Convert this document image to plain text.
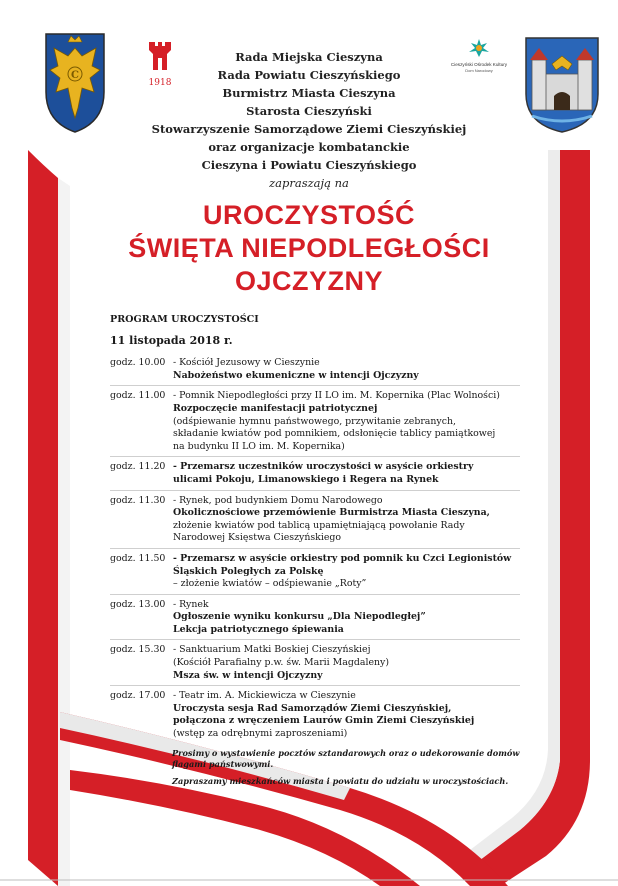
C
1918
Cieszyński Ośrodek Kultury
Dom Narodowy
Rada Miejska Cieszyna
Rada Powiatu Cieszyńskiego
Burmistrz Miasta Cieszyna
Starosta Cieszyński
Stowarzyszenie Samorządowe Ziemi Cieszyńskiej
oraz organizacje kombatanckie
Cieszyna i Powiatu Cieszyńskiego
zapraszają na
UROCZYSTOŚĆ
ŚWIĘTA NIEPODLEGŁOŚCI
OJCZYZNY
PROGRAM UROCZYSTOŚCI
11 listopada 2018 r.
godz. 10.00 - Kościół Jezusowy w Cieszynie
Nabożeństwo ekumeniczne w intencji Ojczyzny
godz. 11.00 - Pomnik Niepodległości przy II LO im. M. Kopernika (Plac Wolności)
Rozpoczęcie manifestacji patriotycznej
(odśpiewanie hymnu państwowego, przywitanie zebranych,
składanie kwiatów pod pomnikiem, odsłonięcie tablicy pamiątkowej
na budynku II LO im. M. Kopernika)
godz. 11.20 - Przemarsz uczestników uroczystości w asyście orkiestry
ulicami Pokoju, Limanowskiego i Regera na Rynek
godz. 11.30 - Rynek, pod budynkiem Domu Narodowego
Okolicznościowe przemówienie Burmistrza Miasta Cieszyna,
złożenie kwiatów pod tablicą upamiętniającą powołanie Rady
Narodowej Księstwa Cieszyńskiego
godz. 11.50 - Przemarsz w asyście orkiestry pod pomnik ku Czci Legionistów
Śląskich Poległych za Polskę
– złożenie kwiatów – odśpiewanie „Roty”
godz. 13.00 - Rynek
Ogłoszenie wyniku konkursu „Dla Niepodległej”
Lekcja patriotycznego śpiewania
godz. 15.30 - Sanktuarium Matki Boskiej Cieszyńskiej
(Kościół Parafialny p.w. św. Marii Magdaleny)
Msza św. w intencji Ojczyzny
godz. 17.00 - Teatr im. A. Mickiewicza w Cieszynie
Uroczysta sesja Rad Samorządów Ziemi Cieszyńskiej,
połączona z wręczeniem Laurów Gmin Ziemi Cieszyńskiej
(wstęp za odrębnymi zaproszeniami)

Prosimy o wystawienie pocztów sztandarowych oraz o udekorowanie domów flagami państwowymi.

Zapraszamy mieszkańców miasta i powiatu do udziału w uroczystościach.
